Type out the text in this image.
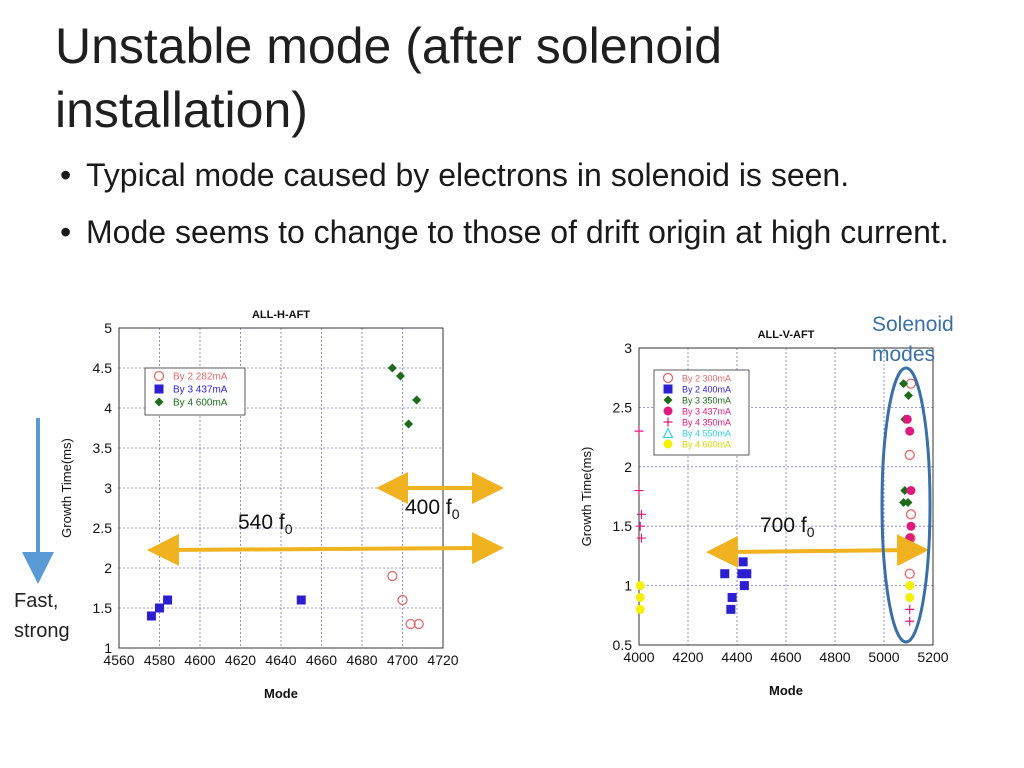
Unstable mode (after solenoid installation)
• Typical mode caused by electrons in solenoid is seen.
• Mode seems to change to those of drift origin at high current.
4560 4580 4600 4620 4640 4660 4680 4700 4720
1
1.5
2
2.5
3
3.5
4
4.5
5
ALL-H-AFT
Mode
Growth Time(ms)
By 2 282mA
By 3 437mA
By 4 600mA
4000 4200 4400 4600 4800 5000 5200
0.5
1
1.5
2
2.5
3
ALL-V-AFT
Mode
Growth Time(ms)
By 2 300mA
By 2 400mA
By 3 350mA
By 3 437mA
By 4 350mA
By 4 550mA
By 4 600mA
Solenoid modes
Fast, strong
540 $f_0$
400 $f_0$	700 $f_0$
